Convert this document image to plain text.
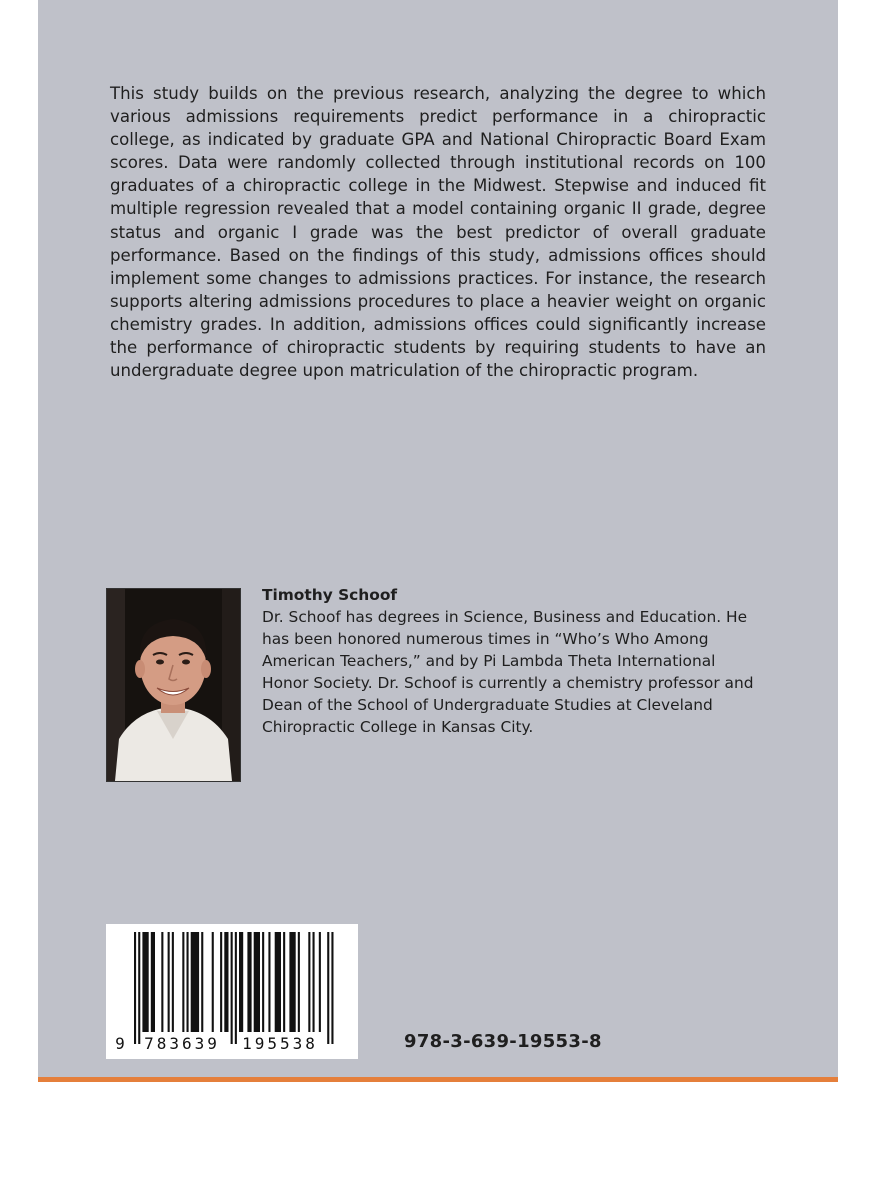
This study builds on the previous research, analyzing the degree to which various admissions requirements predict performance in a chiropractic college, as indicated by graduate GPA and National Chiropractic Board Exam scores. Data were randomly collected through institutional records on 100 graduates of a chiropractic college in the Midwest. Stepwise and induced fit multiple regression revealed that a model containing organic II grade, degree status and organic I grade was the best predictor of overall graduate performance. Based on the findings of this study, admissions offices should implement some changes to admissions practices. For instance, the research supports altering admissions procedures to place a heavier weight on organic chemistry grades. In addition, admissions offices could significantly increase the performance of chiropractic students by requiring students to have an undergraduate degree upon matriculation of the chiropractic program.

Timothy Schoof

Dr. Schoof has degrees in Science, Business and Education. He has been honored numerous times in “Who’s Who Among American Teachers,” and by Pi Lambda Theta International Honor Society. Dr. Schoof is currently a chemistry professor and Dean of the School of Undergraduate Studies at Cleveland Chiropractic College in Kansas City.

9 783639 195538	978-3-639-19553-8
